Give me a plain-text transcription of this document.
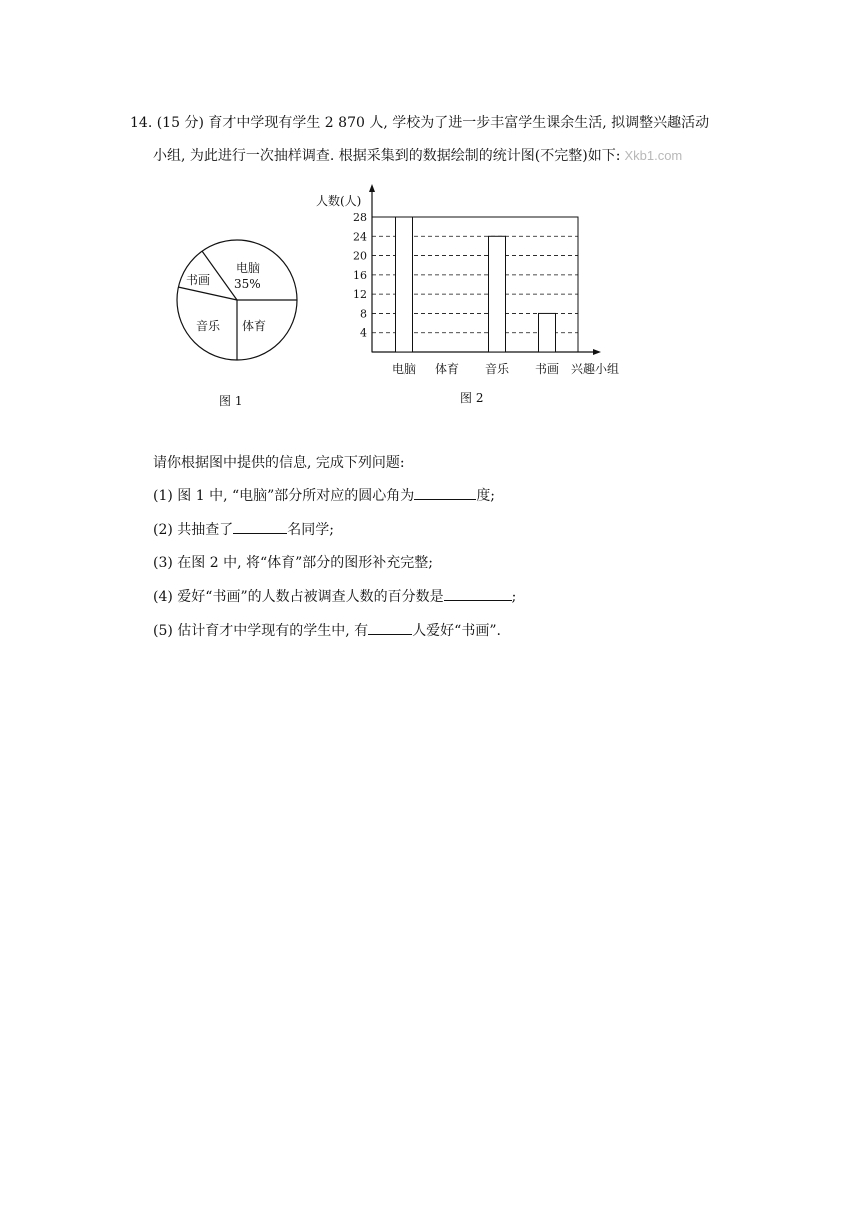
14. (15 分) 育才中学现有学生 2 870 人, 学校为了进一步丰富学生课余生活, 拟调整兴趣活动
小组, 为此进行一次抽样调查. 根据采集到的数据绘制的统计图(不完整)如下: Xkb1.com
电脑
35%
书画
音乐 体育
4
8
12
16
20
24
28
电脑 体育 音乐 书画
人数(人)
兴趣小组
图 1	图 2
请你根据图中提供的信息, 完成下列问题:
(1) 图 1 中, “电脑”部分所对应的圆心角为	度;
(2) 共抽查了	名同学;
(3) 在图 2 中, 将“体育”部分的图形补充完整;
(4) 爱好“书画”的人数占被调查人数的百分数是	;
(5) 估计育才中学现有的学生中, 有	人爱好“书画”.
